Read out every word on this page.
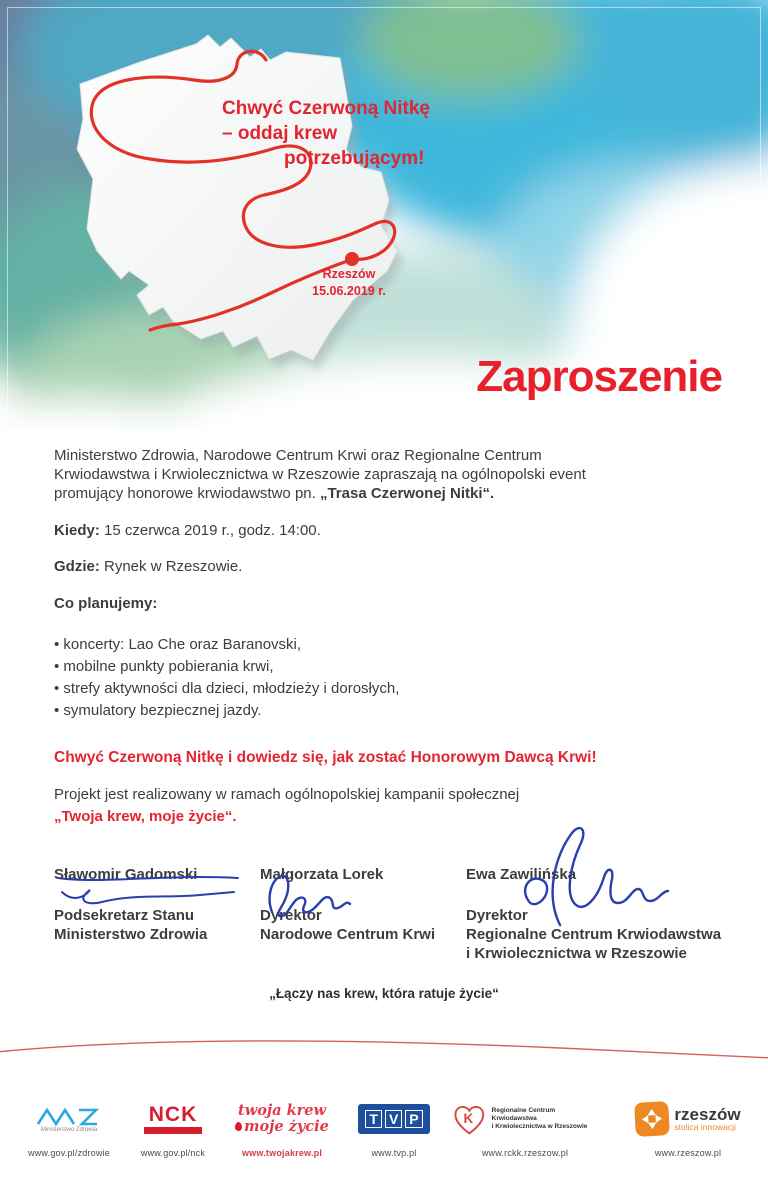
Chwyć Czerwoną Nitkę
– oddaj krew
potrzebującym!
Rzeszów
15.06.2019 r.
Zaproszenie
Ministerstwo Zdrowia, Narodowe Centrum Krwi oraz Regionalne Centrum
Krwiodawstwa i Krwiolecznictwa w Rzeszowie zapraszają na ogólnopolski event
promujący honorowe krwiodawstwo pn. „Trasa Czerwonej Nitki“.
Kiedy: 15 czerwca 2019 r., godz. 14:00.
Gdzie: Rynek w Rzeszowie.
Co planujemy:
• koncerty: Lao Che oraz Baranovski,
• mobilne punkty pobierania krwi,
• strefy aktywności dla dzieci, młodzieży i dorosłych,
• symulatory bezpiecznej jazdy.
Chwyć Czerwoną Nitkę i dowiedz się, jak zostać Honorowym Dawcą Krwi!
Projekt jest realizowany w ramach ogólnopolskiej kampanii społecznej
„Twoja krew, moje życie“.
Sławomir Gadomski
Podsekretarz Stanu
Ministerstwo Zdrowia
Małgorzata Lorek
Dyrektor
Narodowe Centrum Krwi
Ewa Zawilińska
Dyrektor
Regionalne Centrum Krwiodawstwa
i Krwiolecznictwa w Rzeszowie
„Łączy nas krew, która ratuje życie“
Ministerstwo Zdrowia
www.gov.pl/zdrowie
NCK
www.gov.pl/nck
twoja krew
moje życie
www.twojakrew.pl
T V P
www.tvp.pl
K
Regionalne Centrum Krwiodawstwa
i Krwiolecznictwa w Rzeszowie
www.rckk.rzeszow.pl
rzeszów
stolica innowacji
www.rzeszow.pl
